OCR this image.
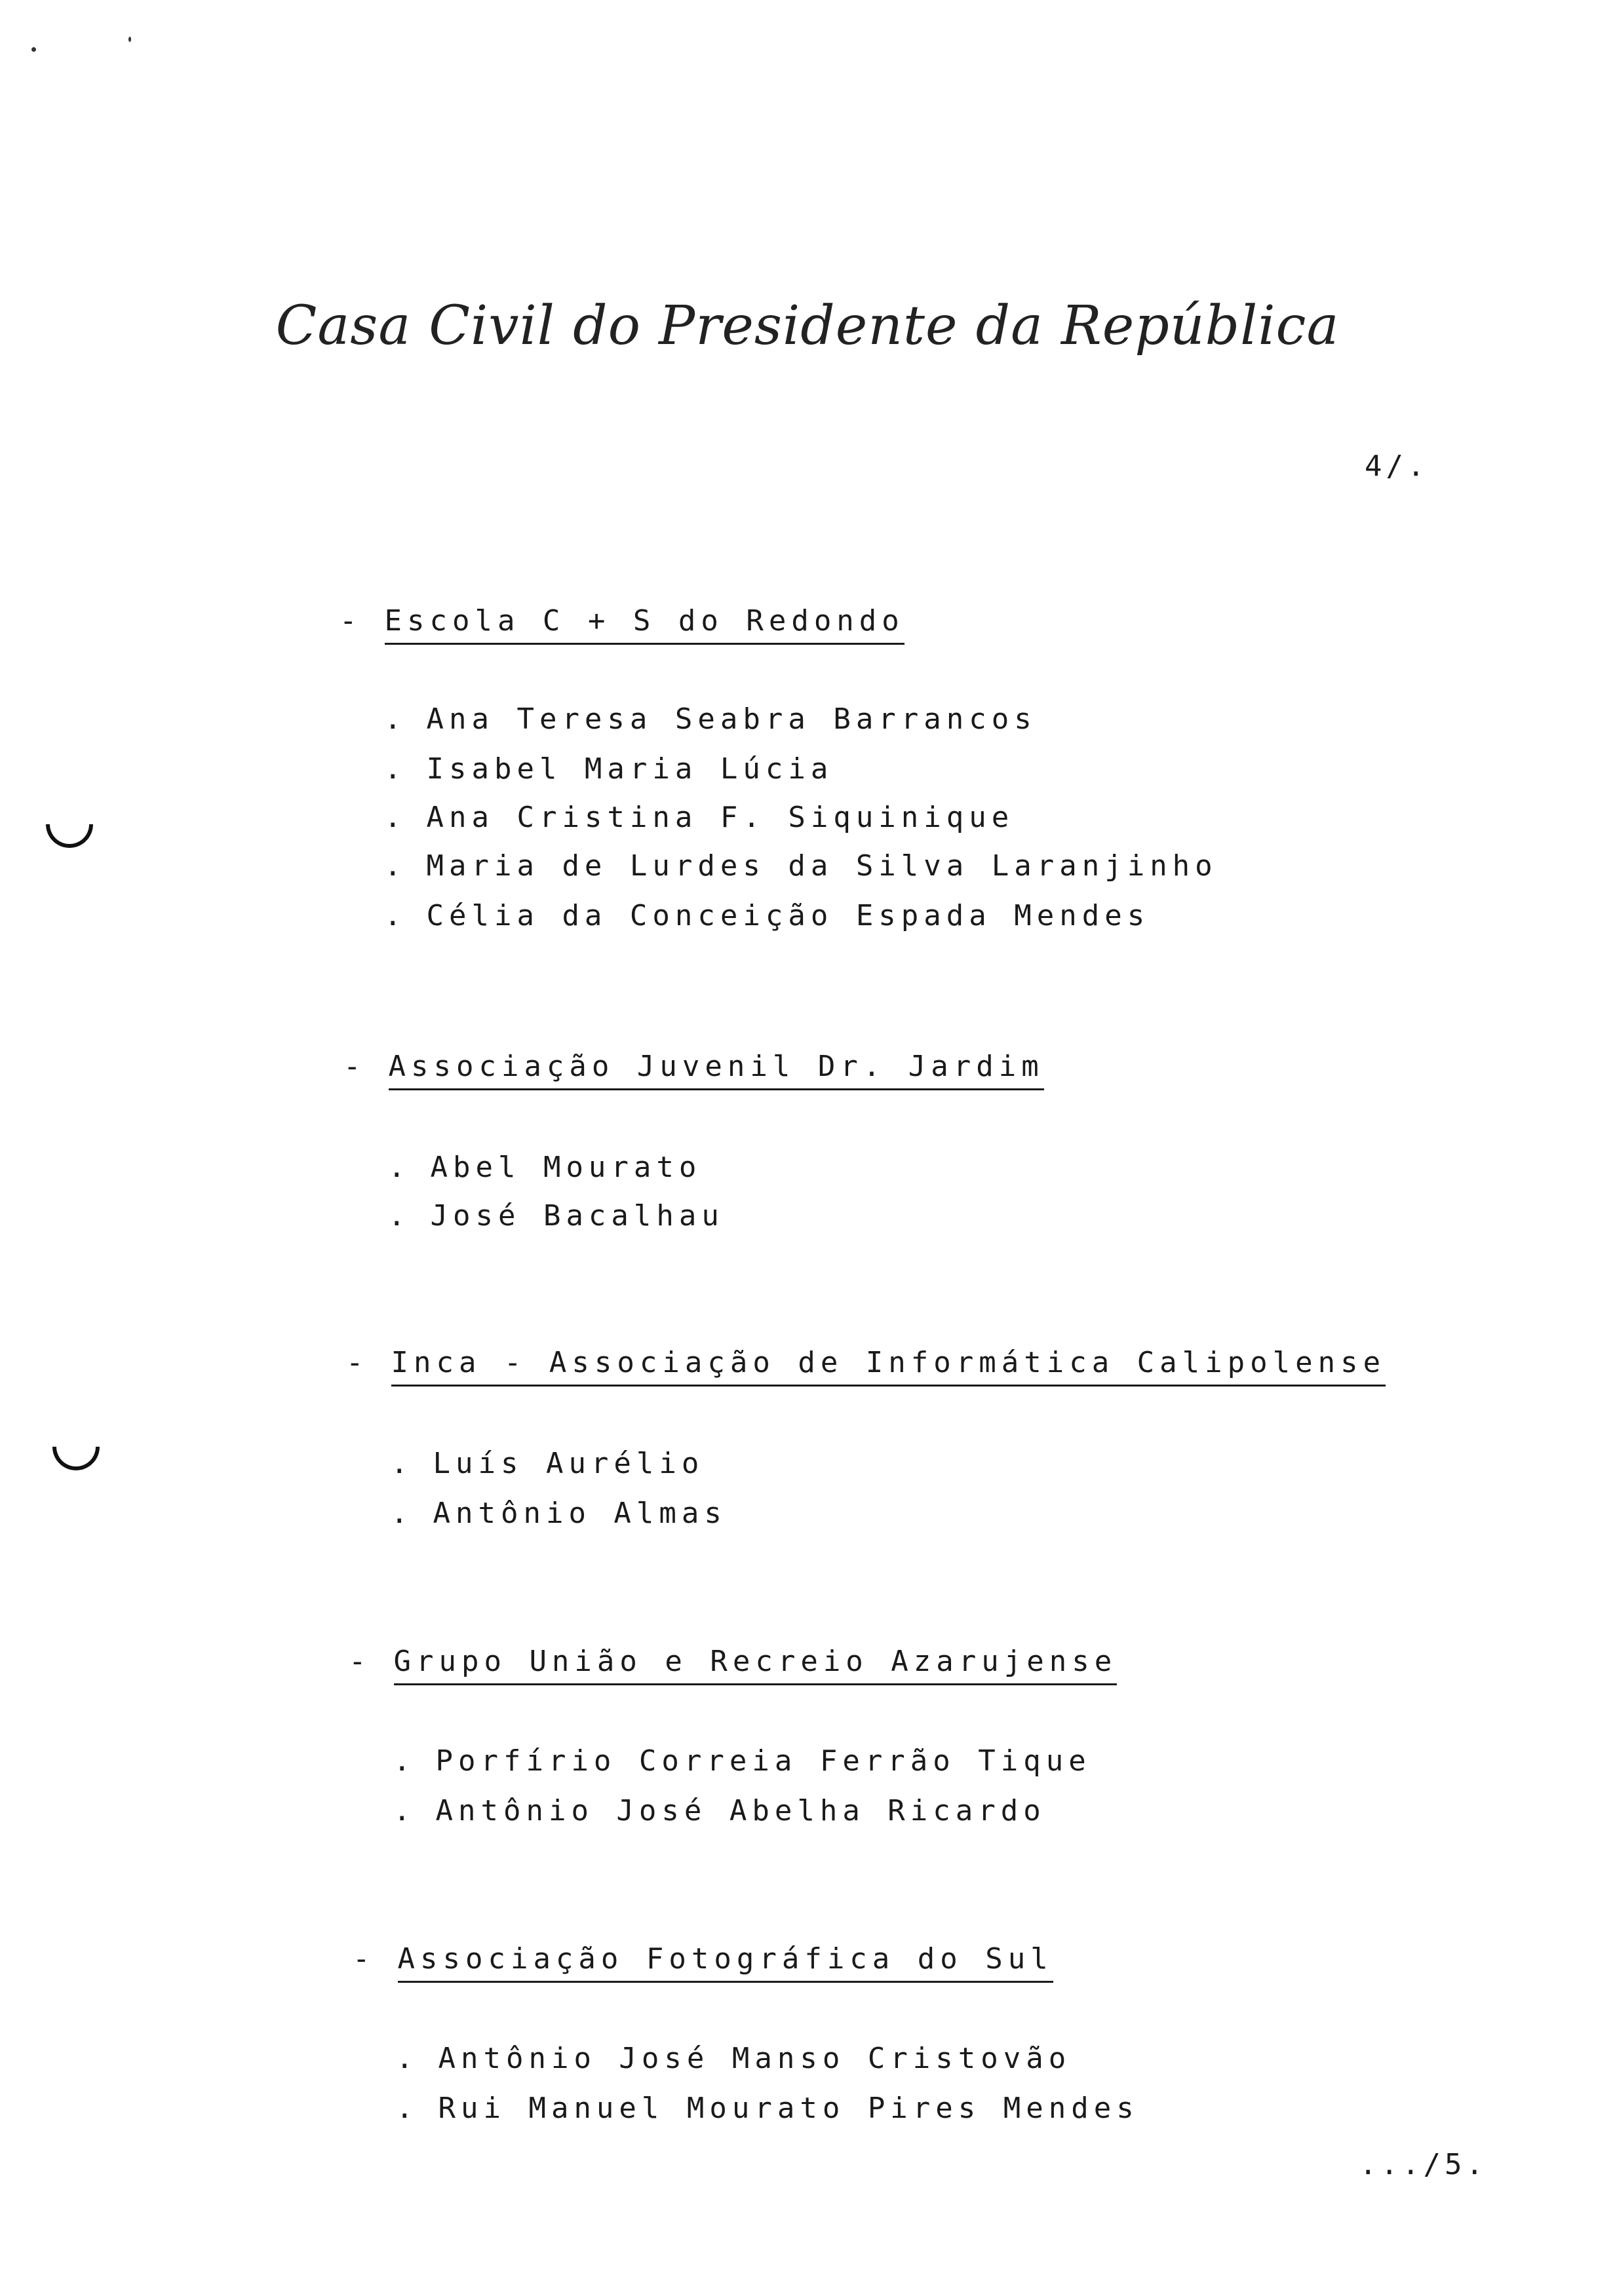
Casa Civil do Presidente da República
4/.
- Escola C + S do Redondo
. Ana Teresa Seabra Barrancos
. Isabel Maria Lúcia
. Ana Cristina F. Siquinique
. Maria de Lurdes da Silva Laranjinho
. Célia da Conceição Espada Mendes
- Associação Juvenil Dr. Jardim
. Abel Mourato
. José Bacalhau
- Inca - Associação de Informática Calipolense
. Luís Aurélio
. Antônio Almas
- Grupo União e Recreio Azarujense
. Porfírio Correia Ferrão Tique
. Antônio José Abelha Ricardo
- Associação Fotográfica do Sul
. Antônio José Manso Cristovão
. Rui Manuel Mourato Pires Mendes
.../5.
